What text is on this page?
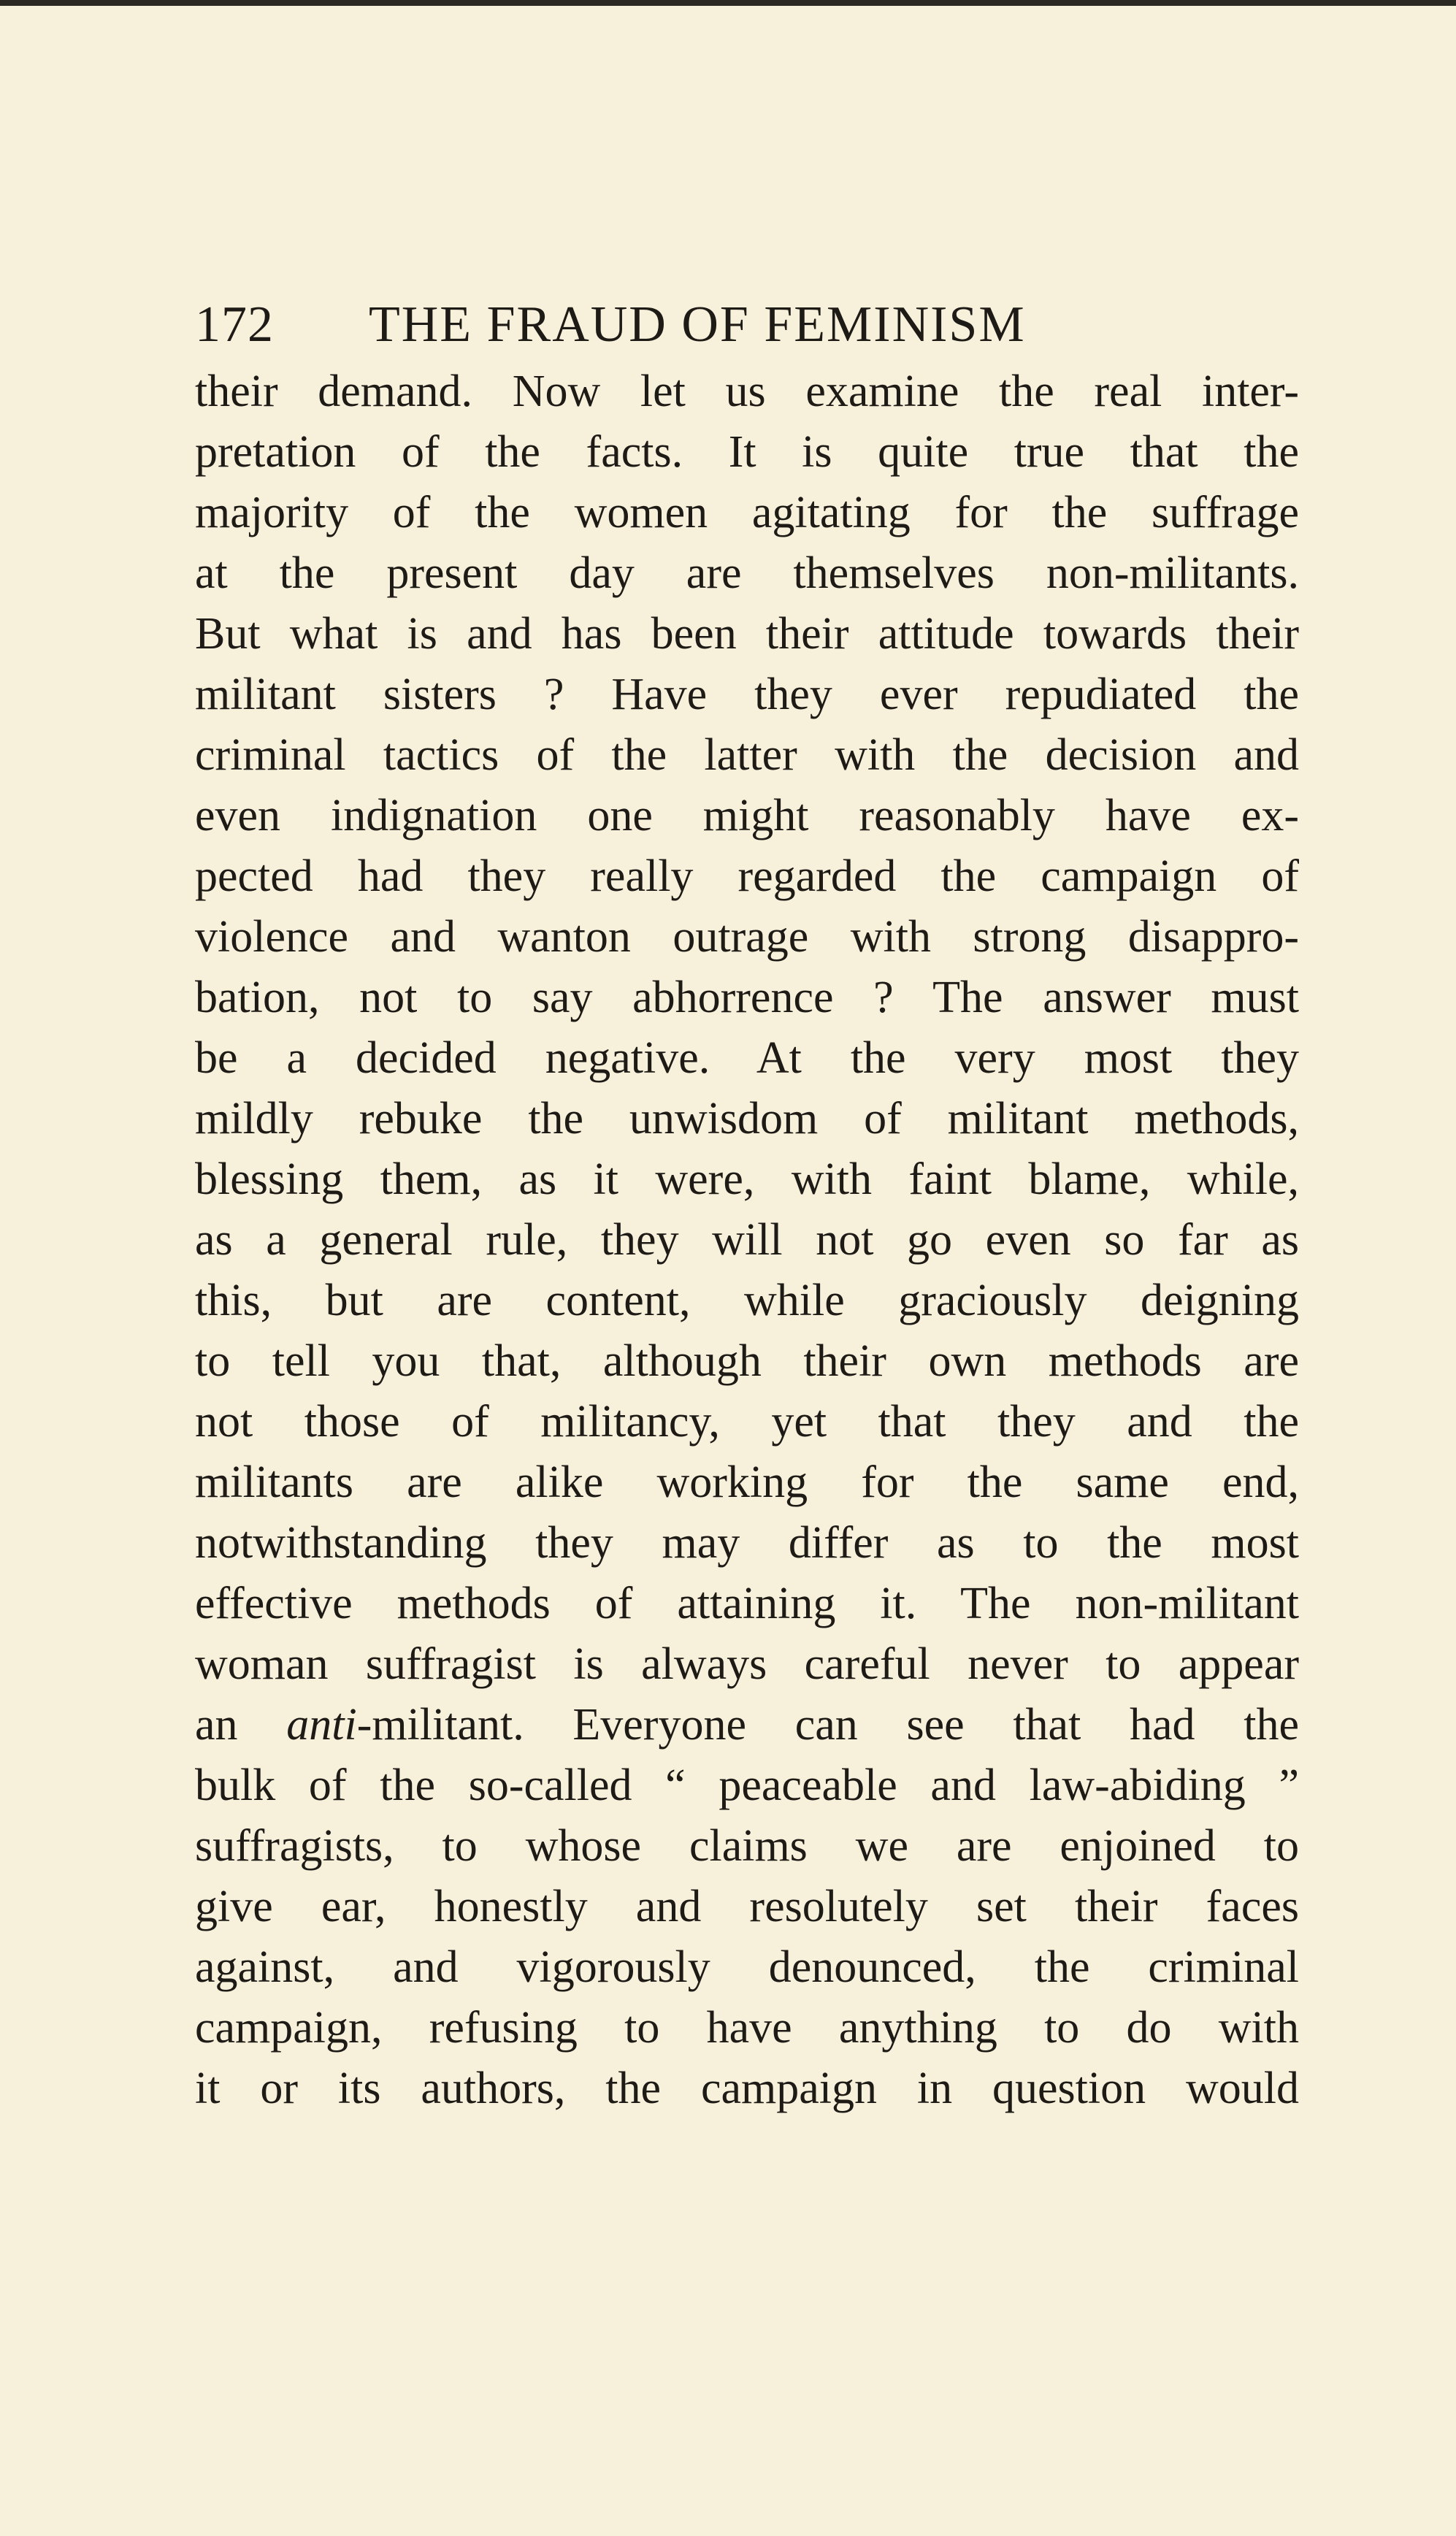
172 THE FRAUD OF FEMINISM
their demand. Now let us examine the real inter-
pretation of the facts. It is quite true that the
majority of the women agitating for the suffrage
at the present day are themselves non-militants.
But what is and has been their attitude towards their
militant sisters ? Have they ever repudiated the
criminal tactics of the latter with the decision and
even indignation one might reasonably have ex-
pected had they really regarded the campaign of
violence and wanton outrage with strong disappro-
bation, not to say abhorrence ? The answer must
be a decided negative. At the very most they
mildly rebuke the unwisdom of militant methods,
blessing them, as it were, with faint blame, while,
as a general rule, they will not go even so far as
this, but are content, while graciously deigning
to tell you that, although their own methods are
not those of militancy, yet that they and the
militants are alike working for the same end,
notwithstanding they may differ as to the most
effective methods of attaining it. The non-militant
woman suffragist is always careful never to appear
an anti-militant. Everyone can see that had the
bulk of the so-called “ peaceable and law-abiding ”
suffragists, to whose claims we are enjoined to
give ear, honestly and resolutely set their faces
against, and vigorously denounced, the criminal
campaign, refusing to have anything to do with
it or its authors, the campaign in question would
